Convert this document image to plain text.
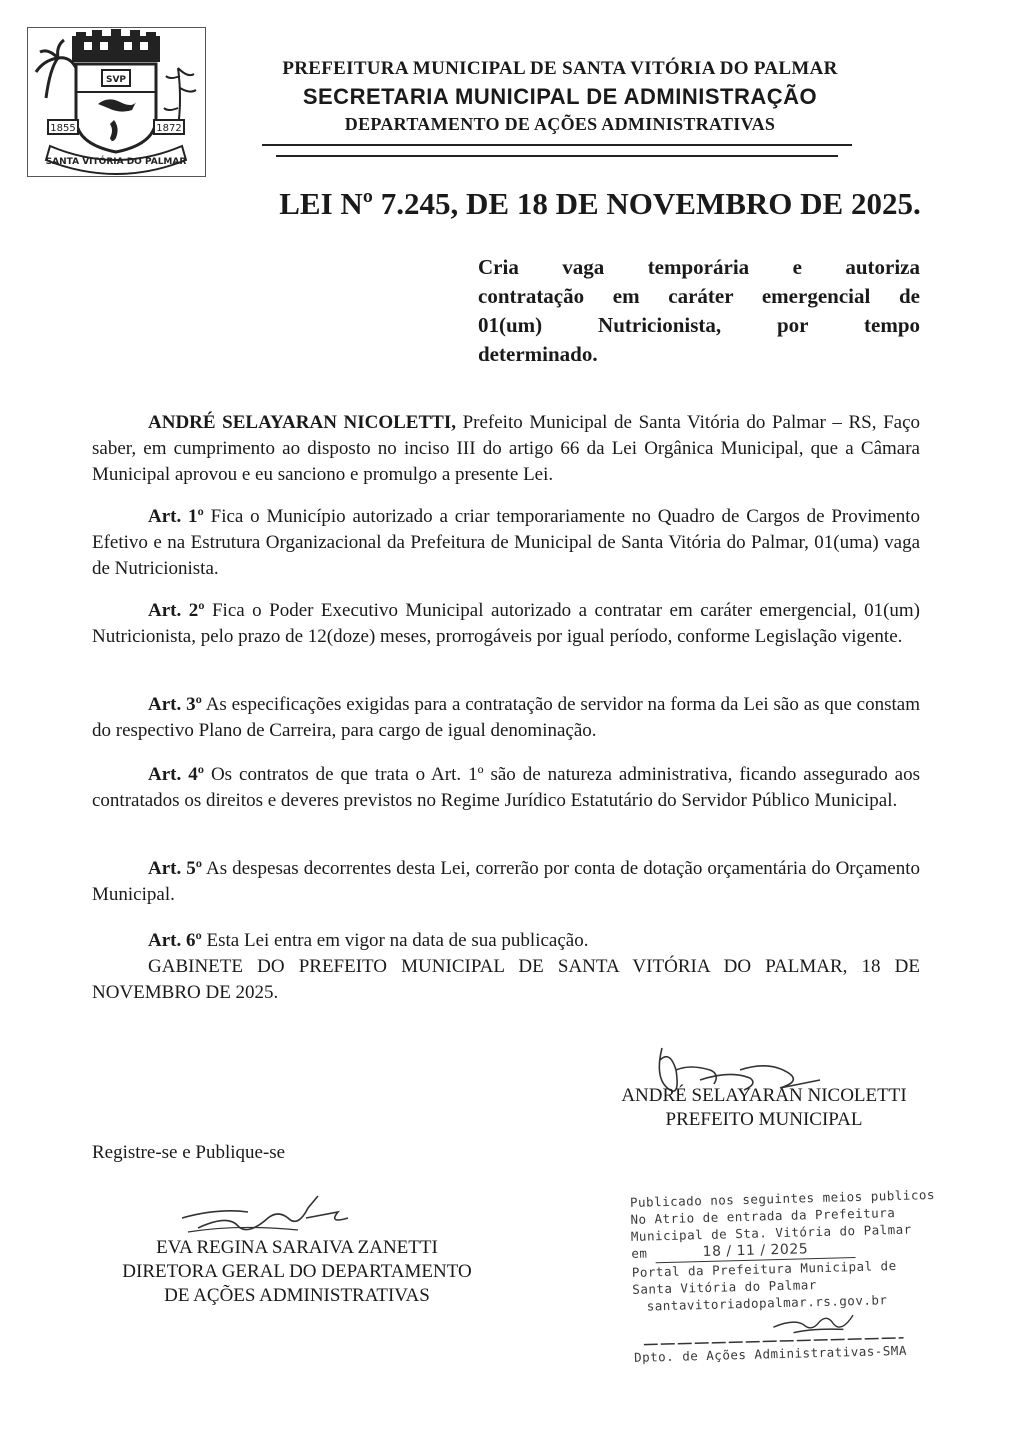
1855	1872
SVP
SANTA VITÓRIA DO PALMAR
PREFEITURA MUNICIPAL DE SANTA VITÓRIA DO PALMAR
SECRETARIA MUNICIPAL DE ADMINISTRAÇÃO
DEPARTAMENTO DE AÇÕES ADMINISTRATIVAS
LEI Nº 7.245, DE 18 DE NOVEMBRO DE 2025.
Cria vaga temporária e autoriza
contratação em caráter emergencial de
01(um) Nutricionista, por tempo
determinado.
ANDRÉ SELAYARAN NICOLETTI, Prefeito Municipal de Santa Vitória do Palmar – RS, Faço saber, em cumprimento ao disposto no inciso III do artigo 66 da Lei Orgânica Municipal, que a Câmara Municipal aprovou e eu sanciono e promulgo a presente Lei.
Art. 1º Fica o Município autorizado a criar temporariamente no Quadro de Cargos de Provimento Efetivo e na Estrutura Organizacional da Prefeitura de Municipal de Santa Vitória do Palmar, 01(uma) vaga de Nutricionista.
Art. 2º Fica o Poder Executivo Municipal autorizado a contratar em caráter emergencial, 01(um) Nutricionista, pelo prazo de 12(doze) meses, prorrogáveis por igual período, conforme Legislação vigente.
Art. 3º As especificações exigidas para a contratação de servidor na forma da Lei são as que constam do respectivo Plano de Carreira, para cargo de igual denominação.
Art. 4º Os contratos de que trata o Art. 1º são de natureza administrativa, ficando assegurado aos contratados os direitos e deveres previstos no Regime Jurídico Estatutário do Servidor Público Municipal.
Art. 5º As despesas decorrentes desta Lei, correrão por conta de dotação orçamentária do Orçamento Municipal.
Art. 6º Esta Lei entra em vigor na data de sua publicação.
GABINETE DO PREFEITO MUNICIPAL DE SANTA VITÓRIA DO PALMAR, 18 DE NOVEMBRO DE 2025.
ANDRÉ SELAYARAN NICOLETTI
PREFEITO MUNICIPAL
Registre-se e Publique-se
EVA REGINA SARAIVA ZANETTI
DIRETORA GERAL DO DEPARTAMENTO
DE AÇÕES ADMINISTRATIVAS
Publicado nos seguintes meios publicos
No Atrio de entrada da Prefeitura
Municipal de Sta. Vitória do Palmar
em	18 / 11 / 2025
Portal da Prefeitura Municipal de
Santa Vitória do Palmar
santavitoriadopalmar.rs.gov.br
Dpto. de Ações Administrativas-SMA
